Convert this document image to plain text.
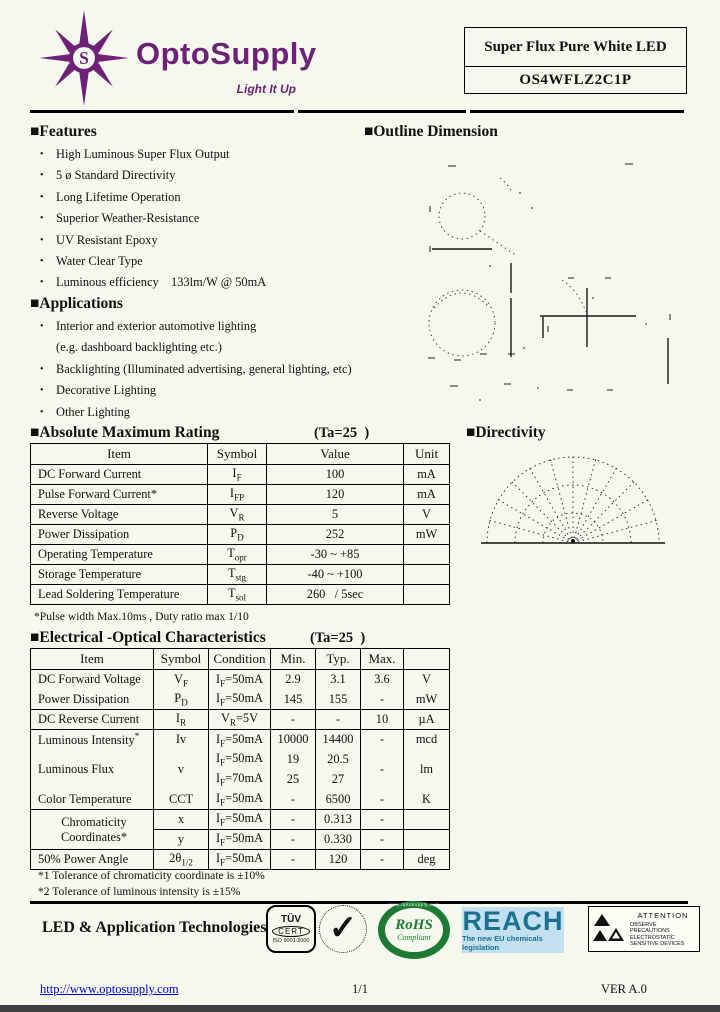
S OptoSupply
Light It Up
Super Flux Pure White LED
OS4WFLZ2C1P
■Features
• High Luminous Super Flux Output
• 5 ø Standard Directivity
• Long Lifetime Operation
• Superior Weather-Resistance
• UV Resistant Epoxy
• Water Clear Type
• Luminous efficiency    133lm/W @ 50mA
■Applications
• Interior and exterior automotive lighting
(e.g. dashboard backlighting etc.)
• Backlighting (Illuminated advertising, general lighting, etc)
• Decorative Lighting
• Other Lighting
■Outline Dimension
■Absolute Maximum Rating	(Ta=25  )
Item	Symbol	Value	Unit
DC Forward Current	$I_F$	100	mA
Pulse Forward Current*	$I_{FP}$	120	mA
Reverse Voltage	$V_R$	5	V
Power Dissipation	$P_D$	252	mW
Operating Temperature	$T_{opr}$	-30 ~ +85	
Storage Temperature	$T_{stg}$	-40 ~ +100	
Lead Soldering Temperature	$T_{sol}$	260   / 5sec	
*Pulse width Max.10ms , Duty ratio max 1/10
■Directivity
■Electrical -Optical Characteristics	(Ta=25  )
Item	Symbol	Condition	Min.	Typ.	Max.	
DC Forward Voltage	$V_F$	$I_F=50mA$	2.9	3.1	3.6	V
Power Dissipation	$P_D$	$I_F=50mA$	145	155	-	mW
DC Reverse Current	$I_R$	$V_R=5V$	-	-	10	µA
Luminous Intensity*	Iv	$I_F=50mA$	10000	14400	-	mcd
Luminous Flux	v	$I_F=50mA$	19	20.5	-	lm
		$I_F=70mA$	25	27		
Color Temperature	CCT	$I_F=50mA$	-	6500	-	K

Chromaticity
Coordinates*	x	$I_F=50mA$	-	0.313	-	
	y	$I_F=50mA$	-	0.330	-	
50% Power Angle	$2\theta_{1/2}$	$I_F=50mA$	-	120	-	deg
*1 Tolerance of chromaticity coordinate is ±10%
*2 Tolerance of luminous intensity is ±15%
LED & Application Technologies TÜV
CERT
ISO 9001:2000 ✓
www.optosupply.com
RoHS
Compliant
REACH
The new EU chemicals legislation
ATTENTION
OBSERVE PRECAUTIONS
ELECTROSTATIC
SENSITIVE DEVICES
http://www.optosupply.com	1/1	VER A.0
